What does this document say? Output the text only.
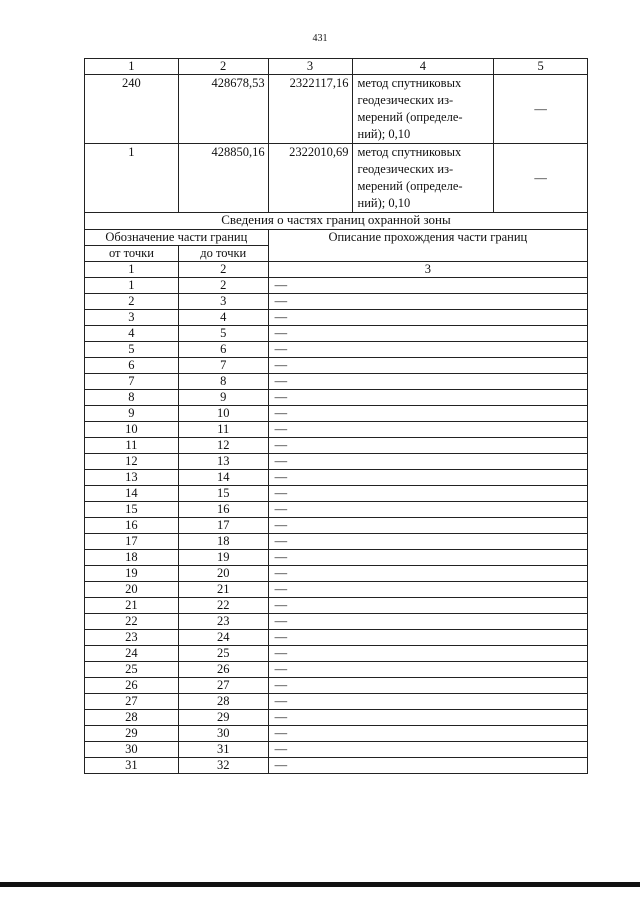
431
1	2	3	4	5
240	428678,53	2322117,16	метод спутниковых
геодезических из-
мерений (определе-
ний); 0,10	—
1	428850,16	2322010,69	метод спутниковых
геодезических из-
мерений (определе-
ний); 0,10	—
Сведения о частях границ охранной зоны
Обозначение части границ		Описание прохождения части границ
от точки	до точки	
1	2	3
1	2	—
2	3	—
3	4	—
4	5	—
5	6	—
6	7	—
7	8	—
8	9	—
9	10	—
10	11	—
11	12	—
12	13	—
13	14	—
14	15	—
15	16	—
16	17	—
17	18	—
18	19	—
19	20	—
20	21	—
21	22	—
22	23	—
23	24	—
24	25	—
25	26	—
26	27	—
27	28	—
28	29	—
29	30	—
30	31	—
31	32	—
